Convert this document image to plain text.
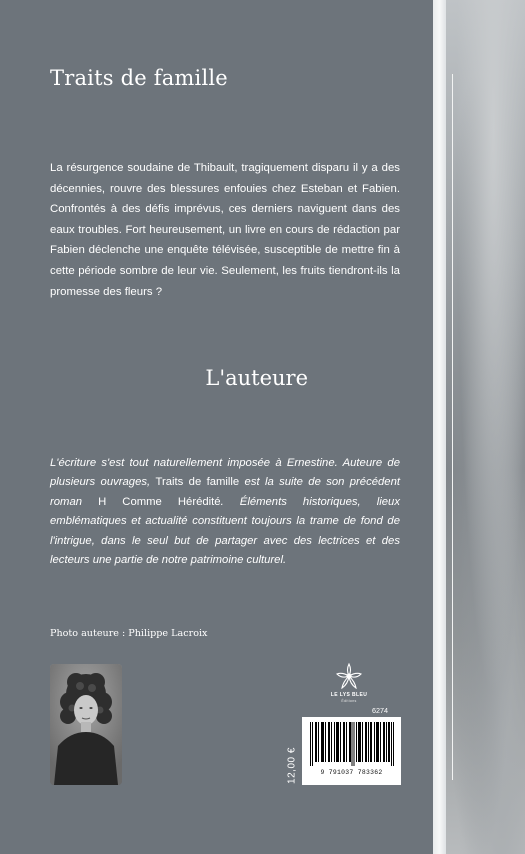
Traits de famille

La résurgence soudaine de Thibault, tragiquement disparu il y a des décennies, rouvre des blessures enfouies chez Esteban et Fabien. Confrontés à des défis imprévus, ces derniers naviguent dans des eaux troubles. Fort heureusement, un livre en cours de rédaction par Fabien déclenche une enquête télévisée, susceptible de mettre fin à cette période sombre de leur vie. Seulement, les fruits tiendront-ils la promesse des fleurs ?

L'auteure

L'écriture s'est tout naturellement imposée à Ernestine. Auteure de plusieurs ouvrages, Traits de famille est la suite de son précédent roman H Comme Hérédité. Éléments historiques, lieux emblématiques et actualité constituent toujours la trame de fond de l'intrigue, dans le seul but de partager avec des lectrices et des lecteurs une partie de notre patrimoine culturel.

Photo auteure : Philippe Lacroix

LE LYS BLEU
Éditions
6274
12,00 €	9 791037 783362
